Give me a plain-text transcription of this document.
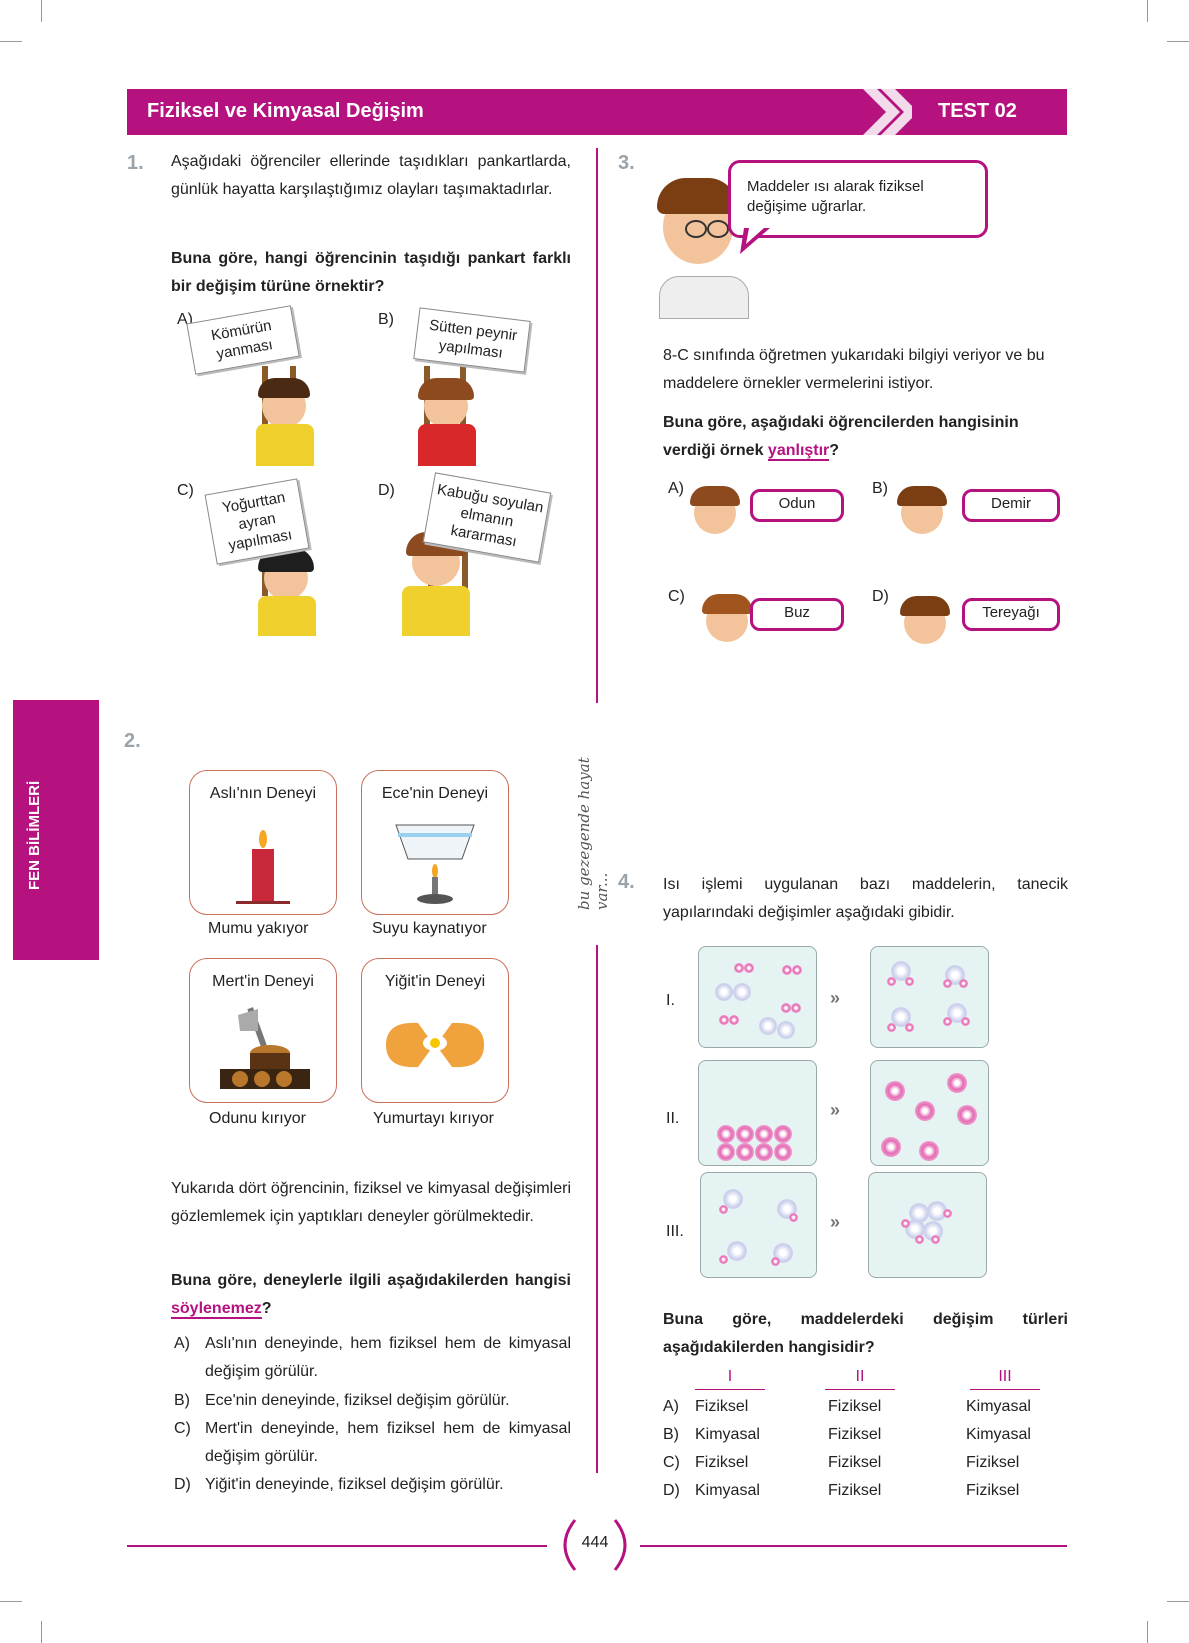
Fiziksel ve Kimyasal Değişim	TEST 02
FEN BİLİMLERİ	bu gezegende hayat var...
1. Aşağıdaki öğrenciler ellerinde taşıdıkları pankartlarda, günlük hayatta karşılaştığımız olayları taşımaktadırlar.
Buna göre, hangi öğrencinin taşıdığı pankart farklı bir değişim türüne örnektir?
A)	Kömürün yanması
B)	Sütten peynir yapılması
C)	Yoğurttan ayran yapılması
D)	Kabuğu soyulan elmanın kararması
2.
Aslı'nın Deneyi
Mumu yakıyor
Ece'nin Deneyi
Suyu kaynatıyor
Mert'in Deneyi
Odunu kırıyor
Yiğit'in Deneyi
Yumurtayı kırıyor
Yukarıda dört öğrencinin, fiziksel ve kimyasal değişimleri gözlemlemek için yaptıkları deneyler görülmektedir.
Buna göre, deneylerle ilgili aşağıdakilerden hangisi söylenemez?
A) Aslı'nın deneyinde, hem fiziksel hem de kimyasal değişim görülür.
B) Ece'nin deneyinde, fiziksel değişim görülür.
C) Mert'in deneyinde, hem fiziksel hem de kimyasal değişim görülür.
D) Yiğit'in deneyinde, fiziksel değişim görülür.
3.
Maddeler ısı alarak fiziksel değişime uğrarlar.
8-C sınıfında öğretmen yukarıdaki bilgiyi veriyor ve bu maddelere örnekler vermelerini istiyor.
Buna göre, aşağıdaki öğrencilerden hangisinin verdiği örnek yanlıştır?
A)
Odun
B)
Demir
C)
Buz
D)
Tereyağı
4. Isı işlemi uygulanan bazı maddelerin, tanecik yapılarındaki değişimler aşağıdaki gibidir.
I.	»
II.	»
III.	»
Buna göre, maddelerdeki değişim türleri aşağıdakilerden hangisidir?
I	II	III
A) Fiziksel	Fiziksel	Kimyasal
B) Kimyasal	Fiziksel	Kimyasal
C) Fiziksel	Fiziksel	Fiziksel
D) Kimyasal	Fiziksel	Fiziksel
444
